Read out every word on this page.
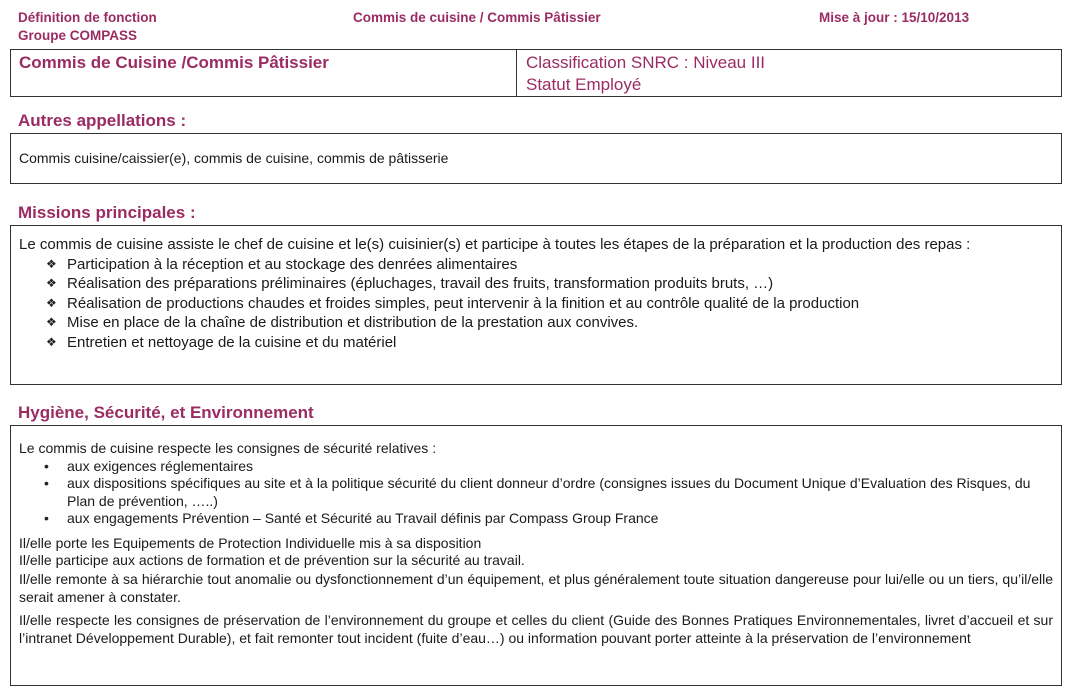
Définition de fonction
Groupe COMPASS
Commis de cuisine / Commis Pâtissier	Mise à jour : 15/10/2013
Commis de Cuisine /Commis Pâtissier	Classification SNRC : Niveau III
Statut Employé
Autres appellations :
Commis cuisine/caissier(e), commis de cuisine, commis de pâtisserie
Missions principales :
Le commis de cuisine assiste le chef de cuisine et le(s) cuisinier(s) et participe à toutes les étapes de la préparation et la production des repas :
❖ Participation à la réception et au stockage des denrées alimentaires
❖ Réalisation des préparations préliminaires (épluchages, travail des fruits, transformation produits bruts, …)
❖ Réalisation de productions chaudes et froides simples, peut intervenir à la finition et au contrôle qualité de la production
❖ Mise en place de la chaîne de distribution et distribution de la prestation aux convives.
❖ Entretien et nettoyage de la cuisine et du matériel
Hygiène, Sécurité, et Environnement
Le commis de cuisine respecte les consignes de sécurité relatives :
• aux exigences réglementaires
• aux dispositions spécifiques au site et à la politique sécurité du client donneur d’ordre (consignes issues du Document Unique d’Evaluation des Risques, du Plan de prévention, …..)
• aux engagements Prévention – Santé et Sécurité au Travail définis par Compass Group France

Il/elle porte les Equipements de Protection Individuelle mis à sa disposition

Il/elle participe aux actions de formation et de prévention sur la sécurité au travail.

Il/elle remonte à sa hiérarchie tout anomalie ou dysfonctionnement d’un équipement, et plus généralement toute situation dangereuse pour lui/elle ou un tiers, qu’il/elle serait amener à constater.

Il/elle respecte les consignes de préservation de l’environnement du groupe et celles du client (Guide des Bonnes Pratiques Environnementales, livret d’accueil et sur l’intranet Développement Durable), et fait remonter tout incident (fuite d’eau…) ou information pouvant porter atteinte à la préservation de l’environnement
